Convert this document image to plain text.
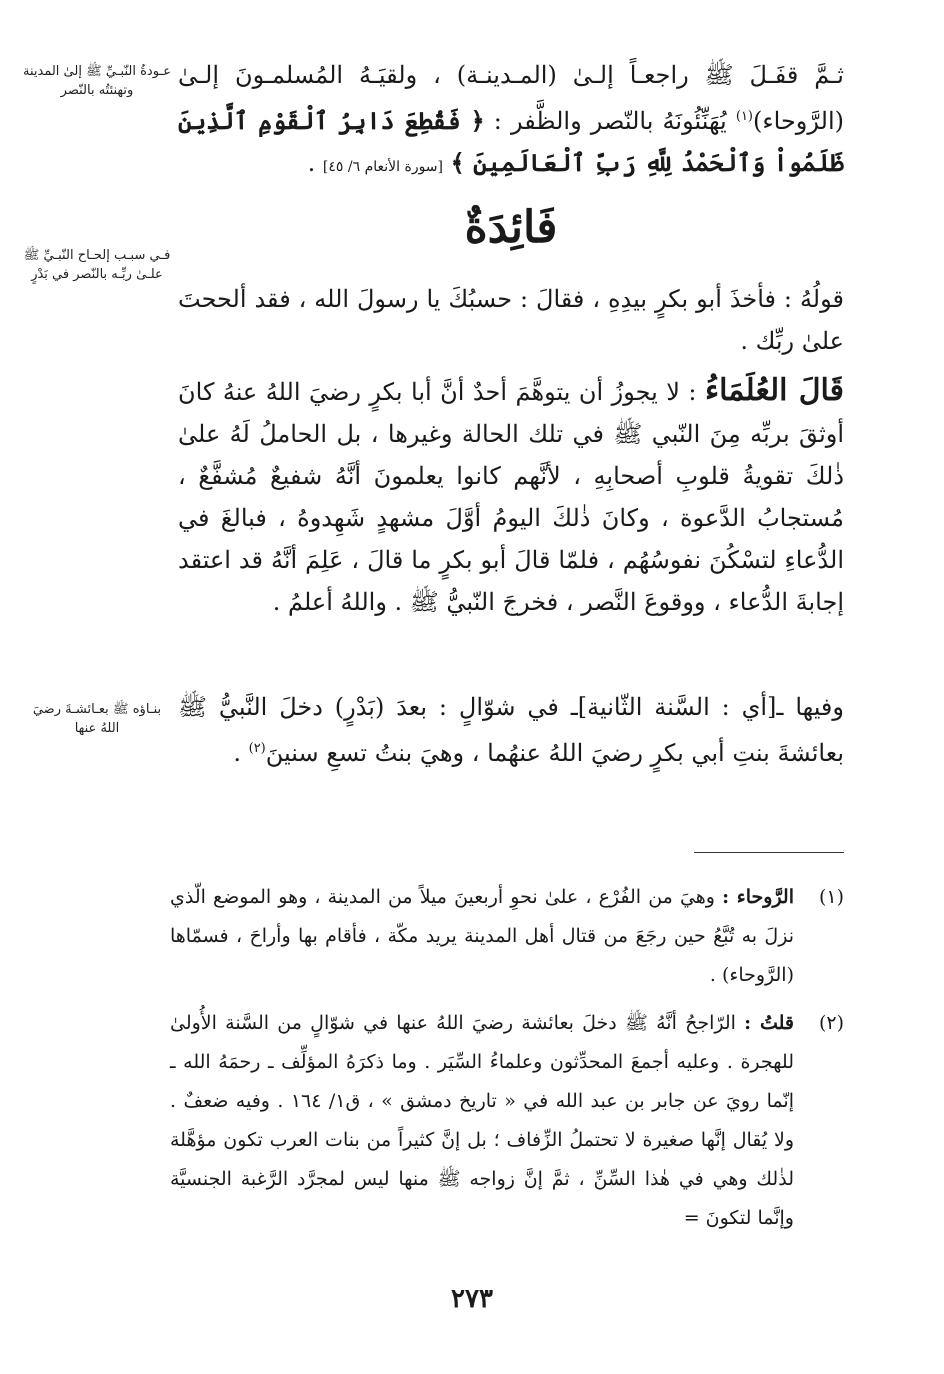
عـودةُ النّبـيِّ ﷺ إلىٰ المدينة وتهنئتُه بالنّصر
فـي سبـب إلحـاح النّبـيِّ ﷺ علـىٰ ربِّـه بالنّصر في بَدْرٍ
بنـاؤه ﷺ بعـائشـةَ رضيَ اللهُ عنها

ثـمَّ قفَـلَ ﷺ راجعـاً إلـىٰ (المـدينـة) ، ولقيَـهُ المُسلمـونَ إلـىٰ (الرَّوحاء)$^{(١)}$ يُهَنِّئُونَهُ بالنّصر والظَّفر : ﴿ فَقُطِعَ دَابِرُ ٱلْقَوْمِ ٱلَّذِينَ ظَلَمُواْ وَٱلْحَمْدُ لِلَّهِ رَبِّ ٱلْعَالَمِينَ ﴾ [سورة الأنعام ٦/ ٤٥] .

فَائِدَةٌ

قولُهُ : فأخذَ أبو بكرٍ بيدِهِ ، فقالَ : حسبُكَ يا رسولَ الله ، فقد ألححتَ علىٰ ربِّك .

قَالَ العُلَمَاءُ : لا يجوزُ أن يتوهَّمَ أحدٌ أنَّ أبا بكرٍ رضيَ اللهُ عنهُ كانَ أوثقَ بربِّه مِنَ النّبي ﷺ في تلك الحالة وغيرها ، بل الحاملُ لَهُ علىٰ ذٰلكَ تقويةُ قلوبِ أصحابِهِ ، لأنَّهم كانوا يعلمونَ أنَّهُ شفيعٌ مُشفَّعٌ ، مُستجابُ الدَّعوة ، وكانَ ذٰلكَ اليومُ أوَّلَ مشهدٍ شَهِدوهُ ، فبالغَ في الدُّعاءِ لتسْكُنَ نفوسُهُم ، فلمّا قالَ أبو بكرٍ ما قالَ ، عَلِمَ أنَّهُ قد اعتقد إجابةَ الدُّعاء ، ووقوعَ النَّصر ، فخرجَ النّبيُّ ﷺ . واللهُ أعلمُ .

وفيها ـ[أي : السَّنة الثّانية]ـ في شوّالٍ : بعدَ (بَدْرٍ) دخلَ النَّبيُّ ﷺ بعائشةَ بنتِ أبي بكرٍ رضيَ اللهُ عنهُما ، وهيَ بنتُ تسعِ سنينَ$^{(٢)}$ .

(١)
الرَّوحاء : وهيَ من الفُرْع ، علىٰ نحوِ أربعينَ ميلاً من المدينة ، وهو الموضع الّذي نزلَ به تُبَّعُ حين رجَعَ من قتال أهل المدينة يريد مكّة ، فأقام بها وأراحَ ، فسمّاها (الرَّوحاء) .
(٢)
قلتُ : الرّاجحُ أنَّهُ ﷺ دخلَ بعائشة رضيَ اللهُ عنها في شوّالٍ من السَّنة الأُولىٰ للهجرة . وعليه أجمعَ المحدِّثون وعلماءُ السِّيَر . وما ذكرَهُ المؤلِّف ـ رحمَهُ الله ـ إنّما رويَ عن جابر بن عبد الله في « تاريخ دمشق » ، ق١/ ١٦٤ . وفيه ضعفٌ . ولا يُقال إنَّها صغيرة لا تحتملُ الزِّفاف ؛ بل إنَّ كثيراً من بنات العرب تكون مؤهَّلة لذٰلك وهي في هٰذا السِّنِّ ، ثمَّ إنَّ زواجه ﷺ منها ليس لمجرَّد الرَّغبة الجنسيَّة وإنَّما لتكونَ =
٢٧٣
